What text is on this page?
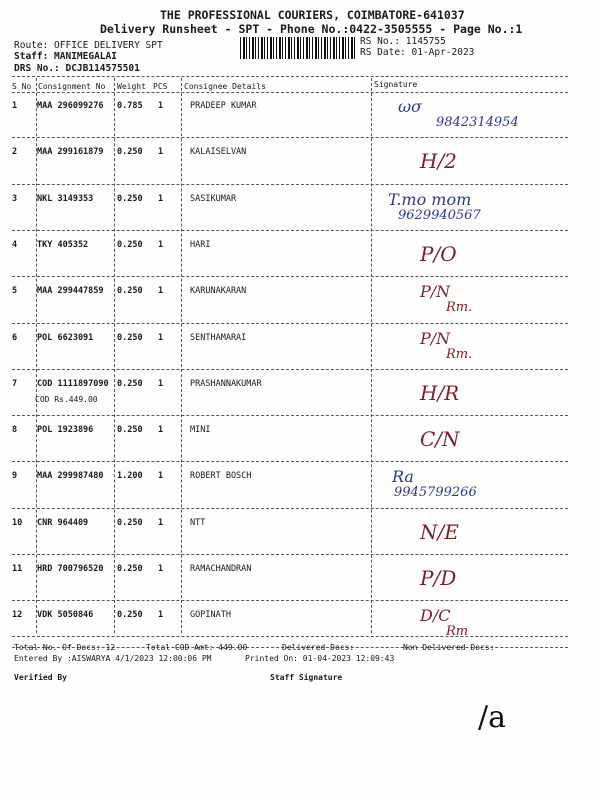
THE PROFESSIONAL COURIERS, COIMBATORE-641037
Delivery Runsheet - SPT - Phone No.:0422-3505555 - Page No.:1
Route: OFFICE DELIVERY SPT
Staff: MANIMEGALAI
DRS No.: DCJB114575501
RS No.: 1145755
RS Date: 01-Apr-2023
S No Consignment No Weight PCS Consignee Details	Signature
1 MAA 296099276 0.785 1	PRADEEP KUMAR	ωσ
9842314954
2 MAA 299161879 0.250 1	KALAISELVAN	H/2
3 NKL 3149353	0.250 1	SASIKUMAR	T.mo mom
9629940567
4 TKY 405352	0.250 1	HARI	P/O
5 MAA 299447859 0.250 1	KARUNAKARAN	P/N
Rm.
6 POL 6623091	0.250 1	SENTHAMARAI	P/N
Rm.
7 COD 1111897090 0.250 1	PRASHANNAKUMAR
COD Rs.449.00	H/R
8 POL 1923896	0.250 1	MINI	C/N
9 MAA 299987480 1.200 1	ROBERT BOSCH	Ra
9945799266
10 CNR 964409	0.250 1	NTT	N/E
11 HRD 700796520 0.250 1	RAMACHANDRAN	P/D
12 VDK 5050846	0.250 1	GOPINATH	D/C
Rm
Total No. Of Docs: 12	Total COD Amt: 449.00	Delivered Docs:	Non Delivered Docs:
Entered By :AISWARYA 4/1/2023 12:00:06 PM	Printed On: 01-04-2023 12:09:43
Verified By	Staff Signature
/a
